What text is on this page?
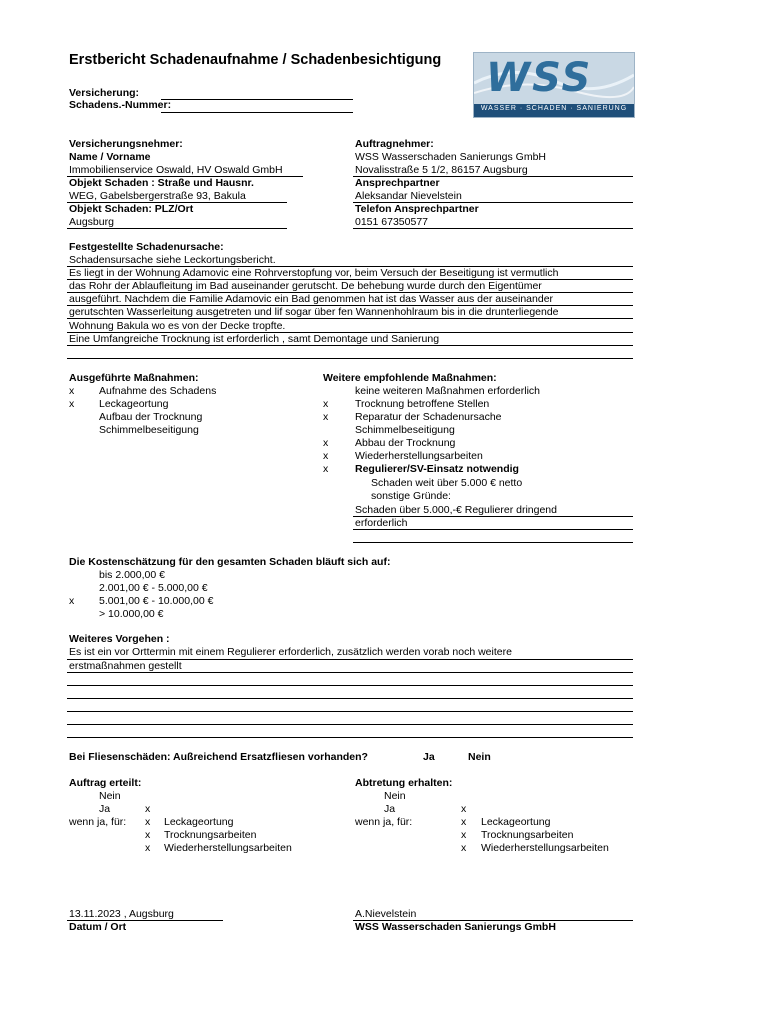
Erstbericht Schadenaufnahme / Schadenbesichtigung WSS
WASSER · SCHADEN · SANIERUNG
Versicherung:
Schadens.-Nummer:
Versicherungsnehmer:
Name / Vorname
Immobilienservice Oswald, HV Oswald GmbH
Objekt Schaden : Straße und Hausnr.
WEG, Gabelsbergerstraße 93, Bakula
Objekt Schaden: PLZ/Ort
Augsburg
Auftragnehmer:
WSS Wasserschaden Sanierungs GmbH
Novalisstraße 5 1/2, 86157 Augsburg
Ansprechpartner
Aleksandar Nievelstein
Telefon Ansprechpartner
0151 67350577
Festgestellte Schadenursache:
Schadensursache siehe Leckortungsbericht.
Es liegt in der Wohnung Adamovic eine Rohrverstopfung vor, beim Versuch der Beseitigung ist vermutlich
das Rohr der Ablaufleitung im Bad auseinander gerutscht. De behebung wurde durch den Eigentümer
ausgeführt. Nachdem die Familie Adamovic ein Bad genommen hat ist das Wasser aus der auseinander
gerutschten Wasserleitung ausgetreten und lif sogar über fen Wannenhohlraum bis in die drunterliegende
Wohnung Bakula wo es von der Decke tropfte.
Eine Umfangreiche Trocknung ist erforderlich , samt Demontage und Sanierung
Ausgeführte Maßnahmen:
x Aufnahme des Schadens
x Leckageortung
Aufbau der Trocknung
Schimmelbeseitigung
Weitere empfohlende Maßnahmen:
keine weiteren Maßnahmen erforderlich
x	Trocknung betroffene Stellen
x	Reparatur der Schadenursache
Schimmelbeseitigung
x	Abbau der Trocknung
x	Wiederherstellungsarbeiten
x	Regulierer/SV-Einsatz notwendig
Schaden weit über 5.000 € netto
sonstige Gründe:
Schaden über 5.000,-€ Regulierer dringend
erforderlich
Die Kostenschätzung für den gesamten Schaden bläuft sich auf:
bis 2.000,00 €
2.001,00 € - 5.000,00 €
x 5.001,00 € - 10.000,00 €
> 10.000,00 €
Weiteres Vorgehen :
Es ist ein vor Orttermin mit einem Regulierer erforderlich, zusätzlich werden vorab noch weitere
erstmaßnahmen gestellt
Bei Fliesenschäden: Außreichend Ersatzfliesen vorhanden?	Ja	Nein
Auftrag erteilt:
Nein
Ja	x
wenn ja, für: x Leckageortung
x Trocknungsarbeiten
x Wiederherstellungsarbeiten
Abtretung erhalten:
Nein
Ja	x
wenn ja, für:	x Leckageortung
x Trocknungsarbeiten
x Wiederherstellungsarbeiten
13.11.2023 , Augsburg
Datum / Ort
A.Nievelstein
WSS Wasserschaden Sanierungs GmbH
